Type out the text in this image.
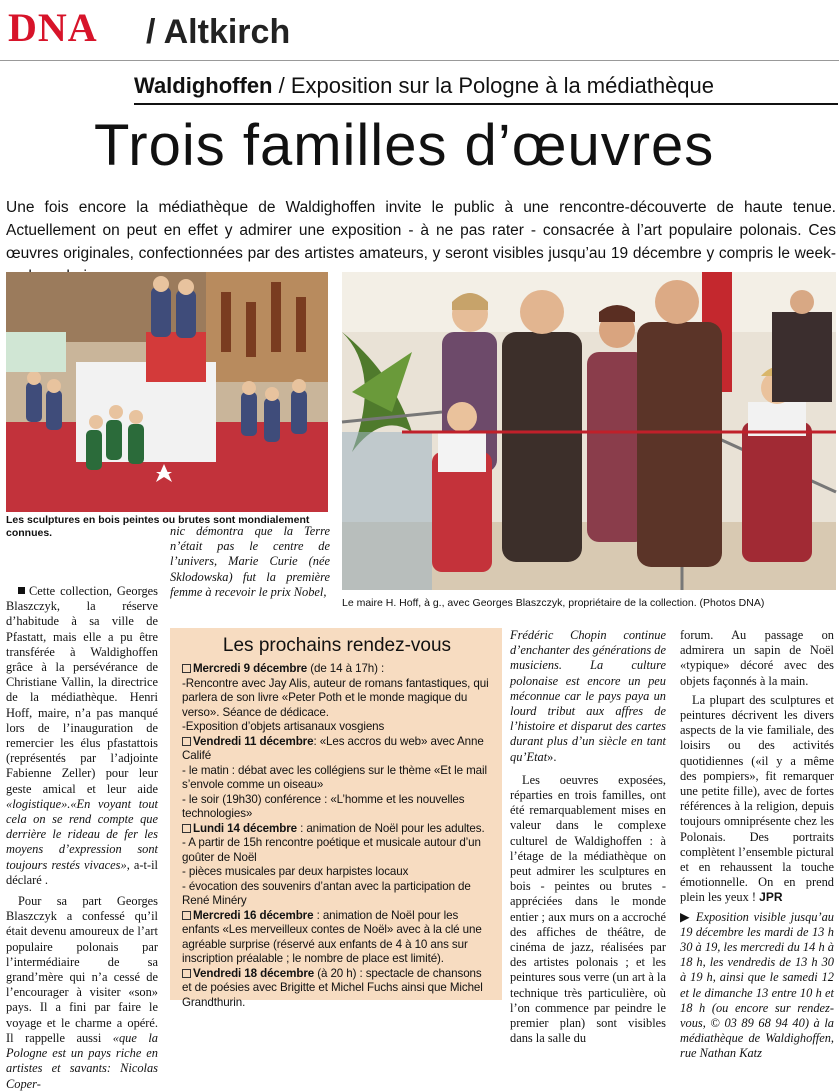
DNA / Altkirch
Waldighoffen / Exposition sur la Pologne à la médiathèque
Trois familles d’œuvres
Une fois encore la médiathèque de Waldighoffen invite le public à une rencontre-découverte de haute tenue. Actuellement on peut en effet y admirer une exposition - à ne pas rater - consacrée à l’art populaire polonais. Ces œuvres originales, confectionnées par des artistes amateurs, y seront visibles jusqu’au 19 décembre y compris le week-
Les sculptures en bois peintes ou brutes sont mondialement connues.
Le maire H. Hoff, à g., avec Georges Blaszczyk, propriétaire de la collection. (Photos DNA)

Cette collection, Georges Blaszczyk, la réserve d’habitude à sa ville de Pfastatt, mais elle a pu être transférée à Waldighoffen grâce à la persévérance de Christiane Vallin, la directrice de la médiathèque. Henri Hoff, maire, n’a pas manqué lors de l’inauguration de remercier les élus pfastattois (représentés par l’adjointe Fabienne Zeller) pour leur geste amical et leur aide «logistique».«En voyant tout cela on se rend compte que derrière le rideau de fer les moyens d’expression sont toujours restés vivaces», a-t-il déclaré .

Pour sa part Georges Blaszczyk a confessé qu’il était devenu amoureux de l’art populaire polonais par l’intermédiaire de sa grand’mère qui n’a cessé de l’encourager à visiter «son» pays. Il a fini par faire le voyage et le charme a opéré. Il rappelle aussi «que la Pologne est un pays riche en artistes et savants: Nicolas Coper-

nic démontra que la Terre n’était pas le centre de l’univers, Marie Curie (née Sklodowska) fut la première femme à recevoir le prix Nobel,
Les prochains rendez-vous
Mercredi 9 décembre (de 14 à 17h) :
-Rencontre avec Jay Alis, auteur de romans fantastiques, qui parlera de son livre «Peter Poth et le monde magique du verso». Séance de dédicace.
-Exposition d’objets artisanaux vosgiens
Vendredi 11 décembre: «Les accros du web» avec Anne Califé
- le matin : débat avec les collégiens sur le thème «Et le mail s’envole comme un oiseau»
- le soir (19h30) conférence : «L’homme et les nouvelles technologies»
Lundi 14 décembre : animation de Noël pour les adultes.
- A partir de 15h rencontre poétique et musicale autour d’un goûter de Noël
- pièces musicales par deux harpistes locaux
- évocation des souvenirs d’antan avec la participation de René Minéry
Mercredi 16 décembre : animation de Noël pour les enfants «Les merveilleux contes de Noël» avec à la clé une agréable surprise (réservé aux enfants de 4 à 10 ans sur inscription préalable ; le nombre de place est limité).
Vendredi 18 décembre (à 20 h) : spectacle de chansons et de poésies avec Brigitte et Michel Fuchs ainsi que Michel Grandthurin.

Frédéric Chopin continue d’enchanter des générations de musiciens. La culture polonaise est encore un peu méconnue car le pays paya un lourd tribut aux affres de l’histoire et disparut des cartes durant plus d’un siècle en tant qu’Etat».

Les oeuvres exposées, réparties en trois familles, ont été remarquablement mises en valeur dans le complexe culturel de Waldighoffen : à l’étage de la médiathèque on peut admirer les sculptures en bois - peintes ou brutes - appréciées dans le monde entier ; aux murs on a accroché des affiches de théâtre, de cinéma de jazz, réalisées par des artistes polonais ; et les peintures sous verre (un art à la technique très particulière, où l’on commence par peindre le premier plan) sont visibles dans la salle du

forum. Au passage on admirera un sapin de Noël «typique» décoré avec des objets façonnés à la main.

La plupart des sculptures et peintures décrivent les divers aspects de la vie familiale, des loisirs ou des activités quotidiennes («il y a même des pompiers», fit remarquer une petite fille), avec de fortes références à la religion, depuis toujours omniprésente chez les Polonais. Des portraits complètent l’ensemble pictural et en rehaussent la touche émotionnelle. On en prend plein les yeux ! JPR

▶ Exposition visible jusqu’au 19 décembre les mardi de 13 h 30 à 19, les mercredi du 14 h à 18 h, les vendredis de 13 h 30 à 19 h, ainsi que le samedi 12 et le dimanche 13 entre 10 h et 18 h (ou encore sur rendez-vous, © 03 89 68 94 40) à la médiathèque de Waldighoffen, rue Nathan Katz
